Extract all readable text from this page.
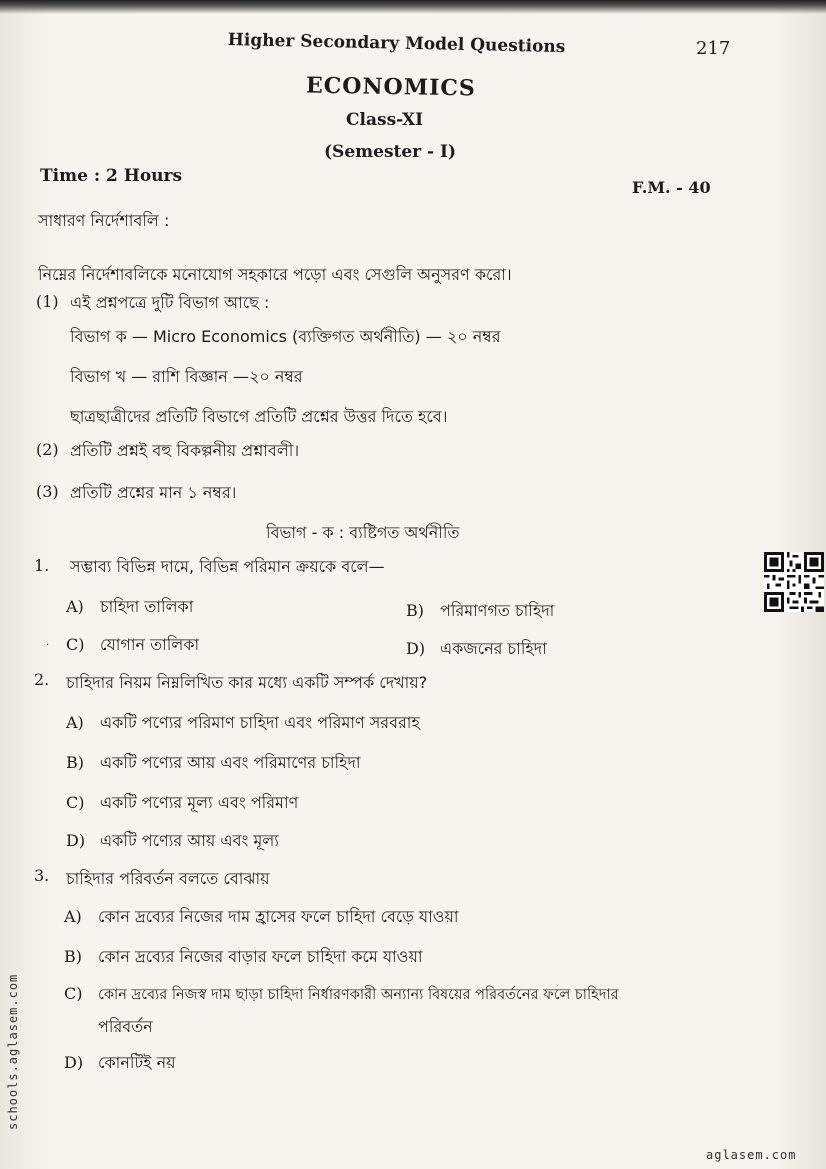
Higher Secondary Model Questions	217
ECONOMICS
Class-XI
(Semester - I)
Time : 2 Hours
F.M. - 40
সাধারণ নির্দেশাবলি :
নিম্নের নির্দেশাবলিকে মনোযোগ সহকারে পড়ো এবং সেগুলি অনুসরণ করো।
(1) এই প্রশ্নপত্রে দুটি বিভাগ আছে :
বিভাগ ক — Micro Economics (ব্যক্তিগত অর্থনীতি) — ২০ নম্বর
বিভাগ খ — রাশি বিজ্ঞান —২০ নম্বর
ছাত্রছাত্রীদের প্রতিটি বিভাগে প্রতিটি প্রশ্নের উত্তর দিতে হবে।
(2) প্রতিটি প্রশ্নই বহু বিকল্পনীয় প্রশ্নাবলী।
(3) প্রতিটি প্রশ্নের মান ১ নম্বর।
বিভাগ - ক : ব্যষ্টিগত অর্থনীতি
1. সম্ভাব্য বিভিন্ন দামে, বিভিন্ন পরিমান ক্রয়কে বলে—
A) চাহিদা তালিকা	B) পরিমাণগত চাহিদা
C) যোগান তালিকা	D) একজনের চাহিদা
2. চাহিদার নিয়ম নিম্নলিখিত কার মধ্যে একটি সম্পর্ক দেখায়?
A) একটি পণ্যের পরিমাণ চাহিদা এবং পরিমাণ সরবরাহ
B) একটি পণ্যের আয় এবং পরিমাণের চাহিদা
C) একটি পণ্যের মূল্য এবং পরিমাণ
D) একটি পণ্যের আয় এবং মূল্য
3. চাহিদার পরিবর্তন বলতে বোঝায়
A) কোন দ্রব্যের নিজের দাম হ্রাসের ফলে চাহিদা বেড়ে যাওয়া
B) কোন দ্রব্যের নিজের বাড়ার ফলে চাহিদা কমে যাওয়া
C) কোন দ্রব্যের নিজস্ব দাম ছাড়া চাহিদা নির্ধারণকারী অন্যান্য বিষয়ের পরিবর্তনের ফলে চাহিদার
পরিবর্তন
D) কোনটিই নয়
·
schools.aglasem.com
aglasem.com
